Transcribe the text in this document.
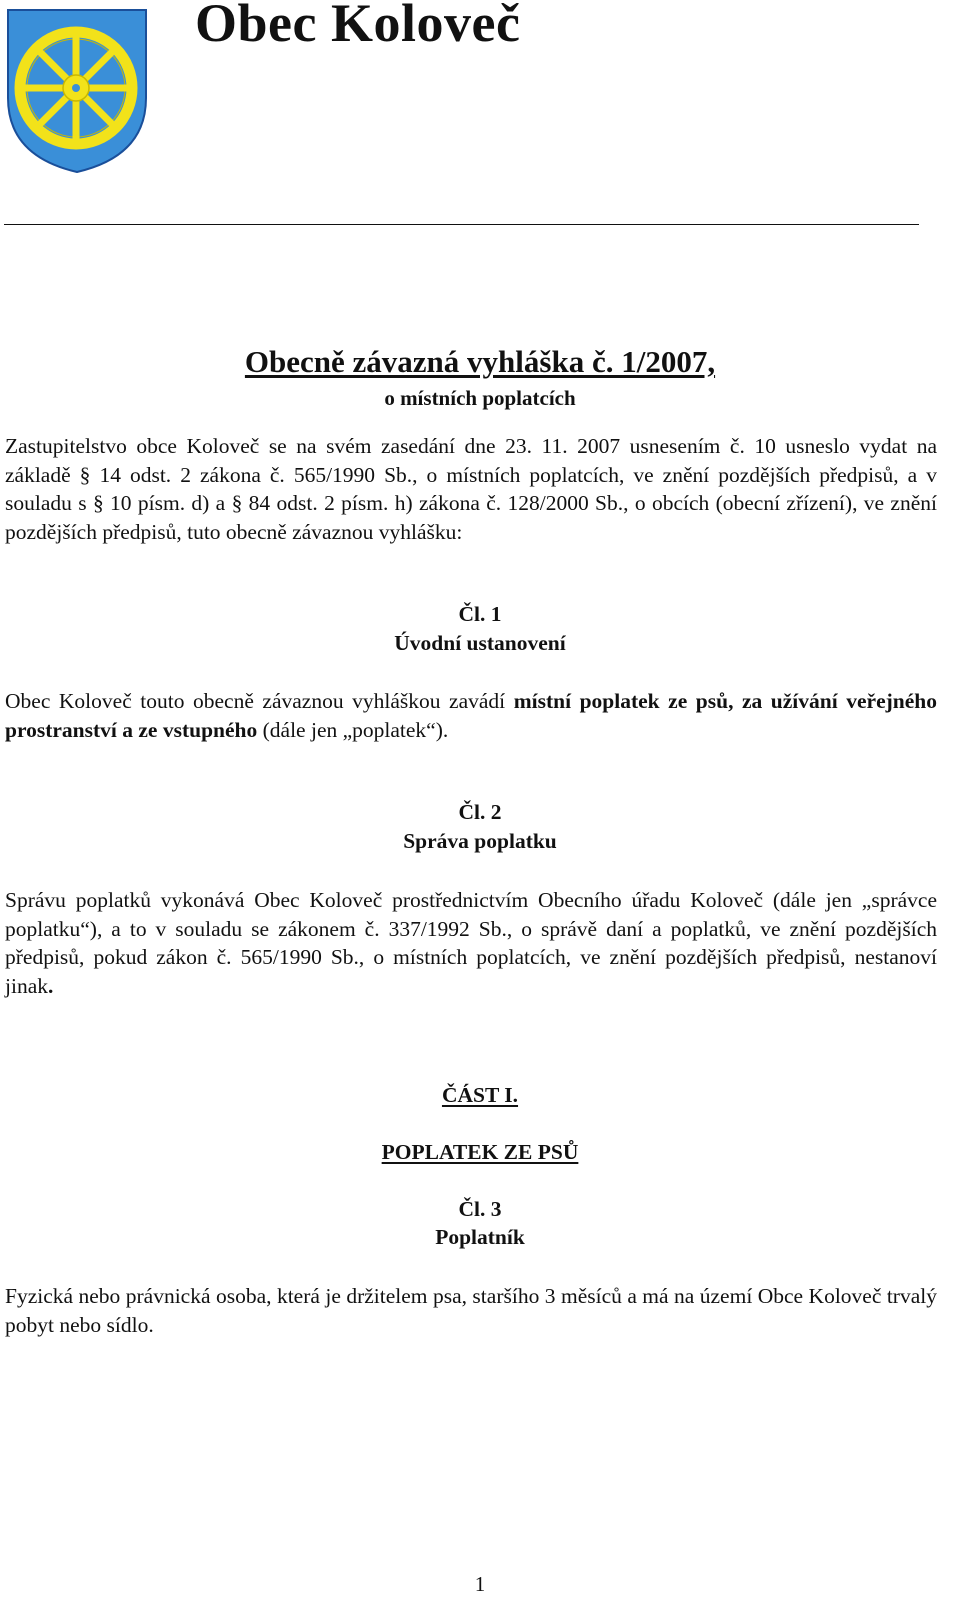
Obec Koloveč
Obecně závazná vyhláška č. 1/2007,
o místních poplatcích
Zastupitelstvo obce Koloveč se na svém zasedání dne 23. 11. 2007 usnesením č. 10 usneslo vydat na základě § 14 odst. 2 zákona č. 565/1990 Sb., o místních poplatcích, ve znění pozdějších předpisů, a v souladu s § 10 písm. d) a § 84 odst. 2 písm. h) zákona č. 128/2000 Sb., o obcích (obecní zřízení), ve znění pozdějších předpisů, tuto obecně závaznou vyhlášku:
Čl. 1
Úvodní ustanovení
Obec Koloveč touto obecně závaznou vyhláškou zavádí místní poplatek ze psů, za užívání veřejného prostranství a ze vstupného (dále jen „poplatek“).
Čl. 2
Správa poplatku
Správu poplatků vykonává Obec Koloveč prostřednictvím Obecního úřadu Koloveč (dále jen „správce poplatku“), a to v souladu se zákonem č. 337/1992 Sb., o správě daní a poplatků, ve znění pozdějších předpisů, pokud zákon č. 565/1990 Sb., o místních poplatcích, ve znění pozdějších předpisů, nestanoví jinak.
ČÁST I.
POPLATEK ZE PSŮ
Čl. 3
Poplatník
Fyzická nebo právnická osoba, která je držitelem psa, staršího 3 měsíců a má na území Obce Koloveč trvalý pobyt nebo sídlo.
1
